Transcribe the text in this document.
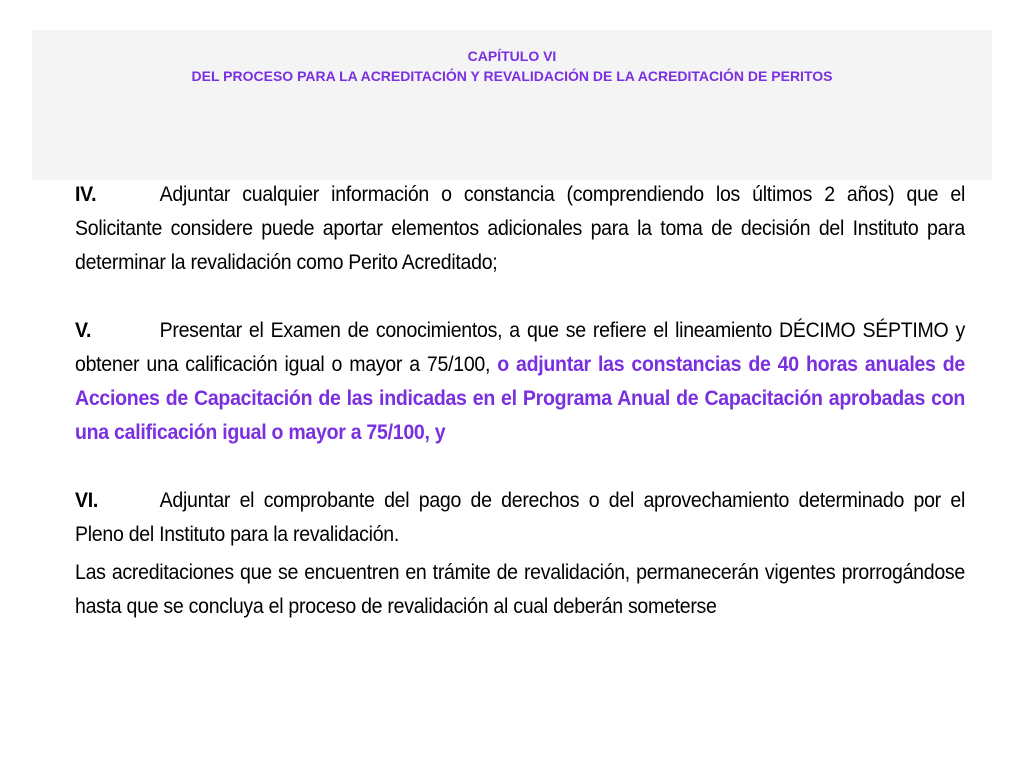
CAPÍTULO VI
DEL PROCESO PARA LA ACREDITACIÓN Y REVALIDACIÓN DE LA ACREDITACIÓN DE PERITOS

IV.	Adjuntar cualquier información o constancia (comprendiendo los últimos 2 años) que el Solicitante considere puede aportar elementos adicionales para la toma de decisión del Instituto para determinar la revalidación como Perito Acreditado;

V.	Presentar el Examen de conocimientos, a que se refiere el lineamiento DÉCIMO SÉPTIMO y obtener una calificación igual o mayor a 75/100, o adjuntar las constancias de 40 horas anuales de Acciones de Capacitación de las indicadas en el Programa Anual de Capacitación aprobadas con una calificación igual o mayor a 75/100, y

VI.	Adjuntar el comprobante del pago de derechos o del aprovechamiento determinado por el Pleno del Instituto para la revalidación.

Las acreditaciones que se encuentren en trámite de revalidación, permanecerán vigentes prorrogándose hasta que se concluya el proceso de revalidación al cual deberán someterse
